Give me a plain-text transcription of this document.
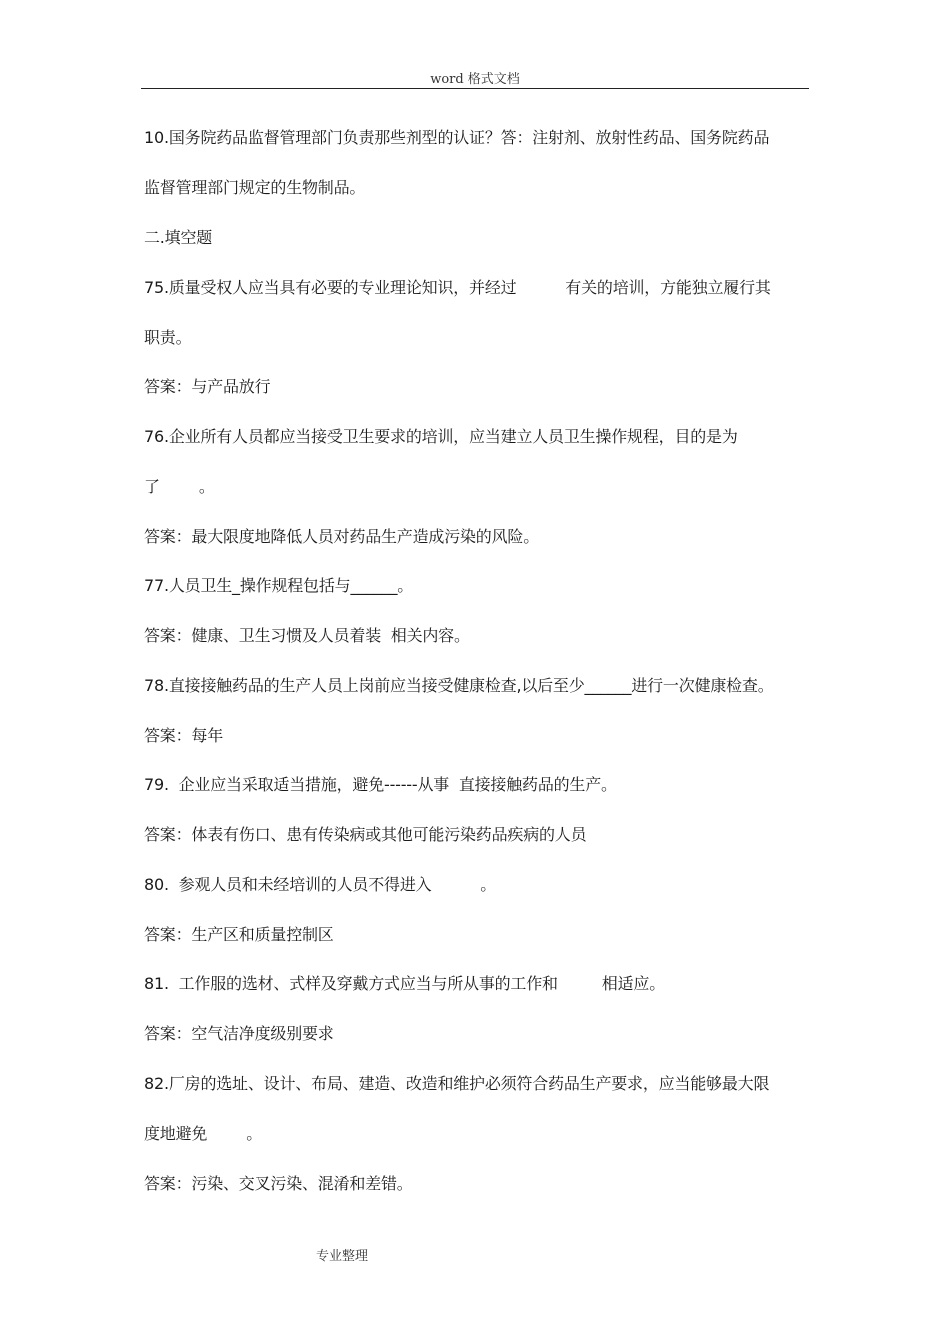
word 格式文档
10.国务院药品监督管理部门负责那些剂型的认证？答：注射剂、放射性药品、国务院药品
监督管理部门规定的生物制品。
二.填空题
75.质量受权人应当具有必要的专业理论知识，并经过          有关的培训，方能独立履行其
职责。
答案：与产品放行
76.企业所有人员都应当接受卫生要求的培训，应当建立人员卫生操作规程，目的是为
了        。
答案：最大限度地降低人员对药品生产造成污染的风险。
77.人员卫生_操作规程包括与______。
答案：健康、卫生习惯及人员着装  相关内容。
78.直接接触药品的生产人员上岗前应当接受健康检查,以后至少______进行一次健康检查。
答案：每年
79.  企业应当采取适当措施，避免------从事  直接接触药品的生产。
答案：体表有伤口、患有传染病或其他可能污染药品疾病的人员
80.  参观人员和未经培训的人员不得进入          。
答案：生产区和质量控制区
81.  工作服的选材、式样及穿戴方式应当与所从事的工作和         相适应。
答案：空气洁净度级别要求
82.厂房的选址、设计、布局、建造、改造和维护必须符合药品生产要求，应当能够最大限
度地避免        。
答案：污染、交叉污染、混淆和差错。
专业整理
